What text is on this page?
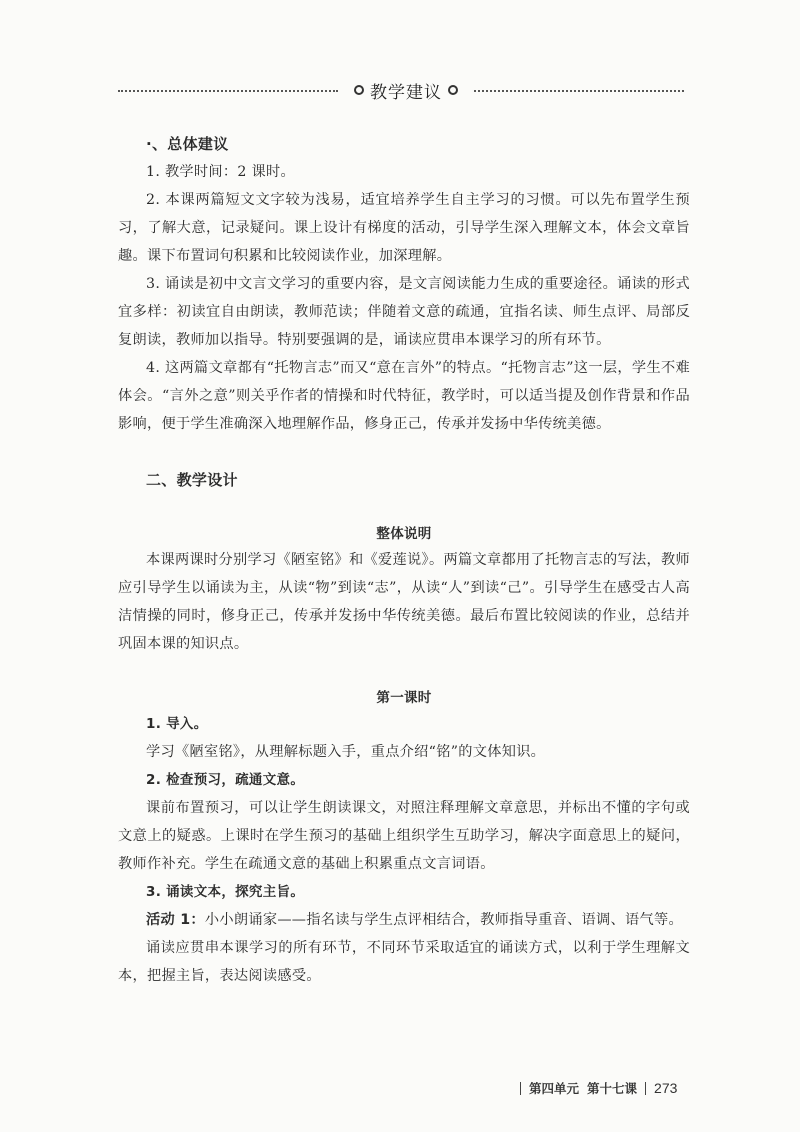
教学建议

·、总体建议

1. 教学时间：2 课时。

2. 本课两篇短文文字较为浅易，适宜培养学生自主学习的习惯。可以先布置学生预习，了解大意，记录疑问。课上设计有梯度的活动，引导学生深入理解文本，体会文章旨趣。课下布置词句积累和比较阅读作业，加深理解。

3. 诵读是初中文言文学习的重要内容，是文言阅读能力生成的重要途径。诵读的形式宜多样：初读宜自由朗读，教师范读；伴随着文意的疏通，宜指名读、师生点评、局部反复朗读，教师加以指导。特别要强调的是，诵读应贯串本课学习的所有环节。

4. 这两篇文章都有“托物言志”而又“意在言外”的特点。“托物言志”这一层，学生不难体会。“言外之意”则关乎作者的情操和时代特征，教学时，可以适当提及创作背景和作品影响，便于学生准确深入地理解作品，修身正己，传承并发扬中华传统美德。

二、教学设计

整体说明

本课两课时分别学习《陋室铭》和《爱莲说》。两篇文章都用了托物言志的写法，教师应引导学生以诵读为主，从读“物”到读“志”，从读“人”到读“己”。引导学生在感受古人高洁情操的同时，修身正己，传承并发扬中华传统美德。最后布置比较阅读的作业，总结并巩固本课的知识点。

第一课时

1. 导入。

学习《陋室铭》，从理解标题入手，重点介绍“铭”的文体知识。

2. 检查预习，疏通文意。

课前布置预习，可以让学生朗读课文，对照注释理解文章意思，并标出不懂的字句或文意上的疑惑。上课时在学生预习的基础上组织学生互助学习，解决字面意思上的疑问，教师作补充。学生在疏通文意的基础上积累重点文言词语。

3. 诵读文本，探究主旨。

活动 1：小小朗诵家——指名读与学生点评相结合，教师指导重音、语调、语气等。

诵读应贯串本课学习的所有环节，不同环节采取适宜的诵读方式，以利于学生理解文本，把握主旨，表达阅读感受。

第四单元 第十七课 273
